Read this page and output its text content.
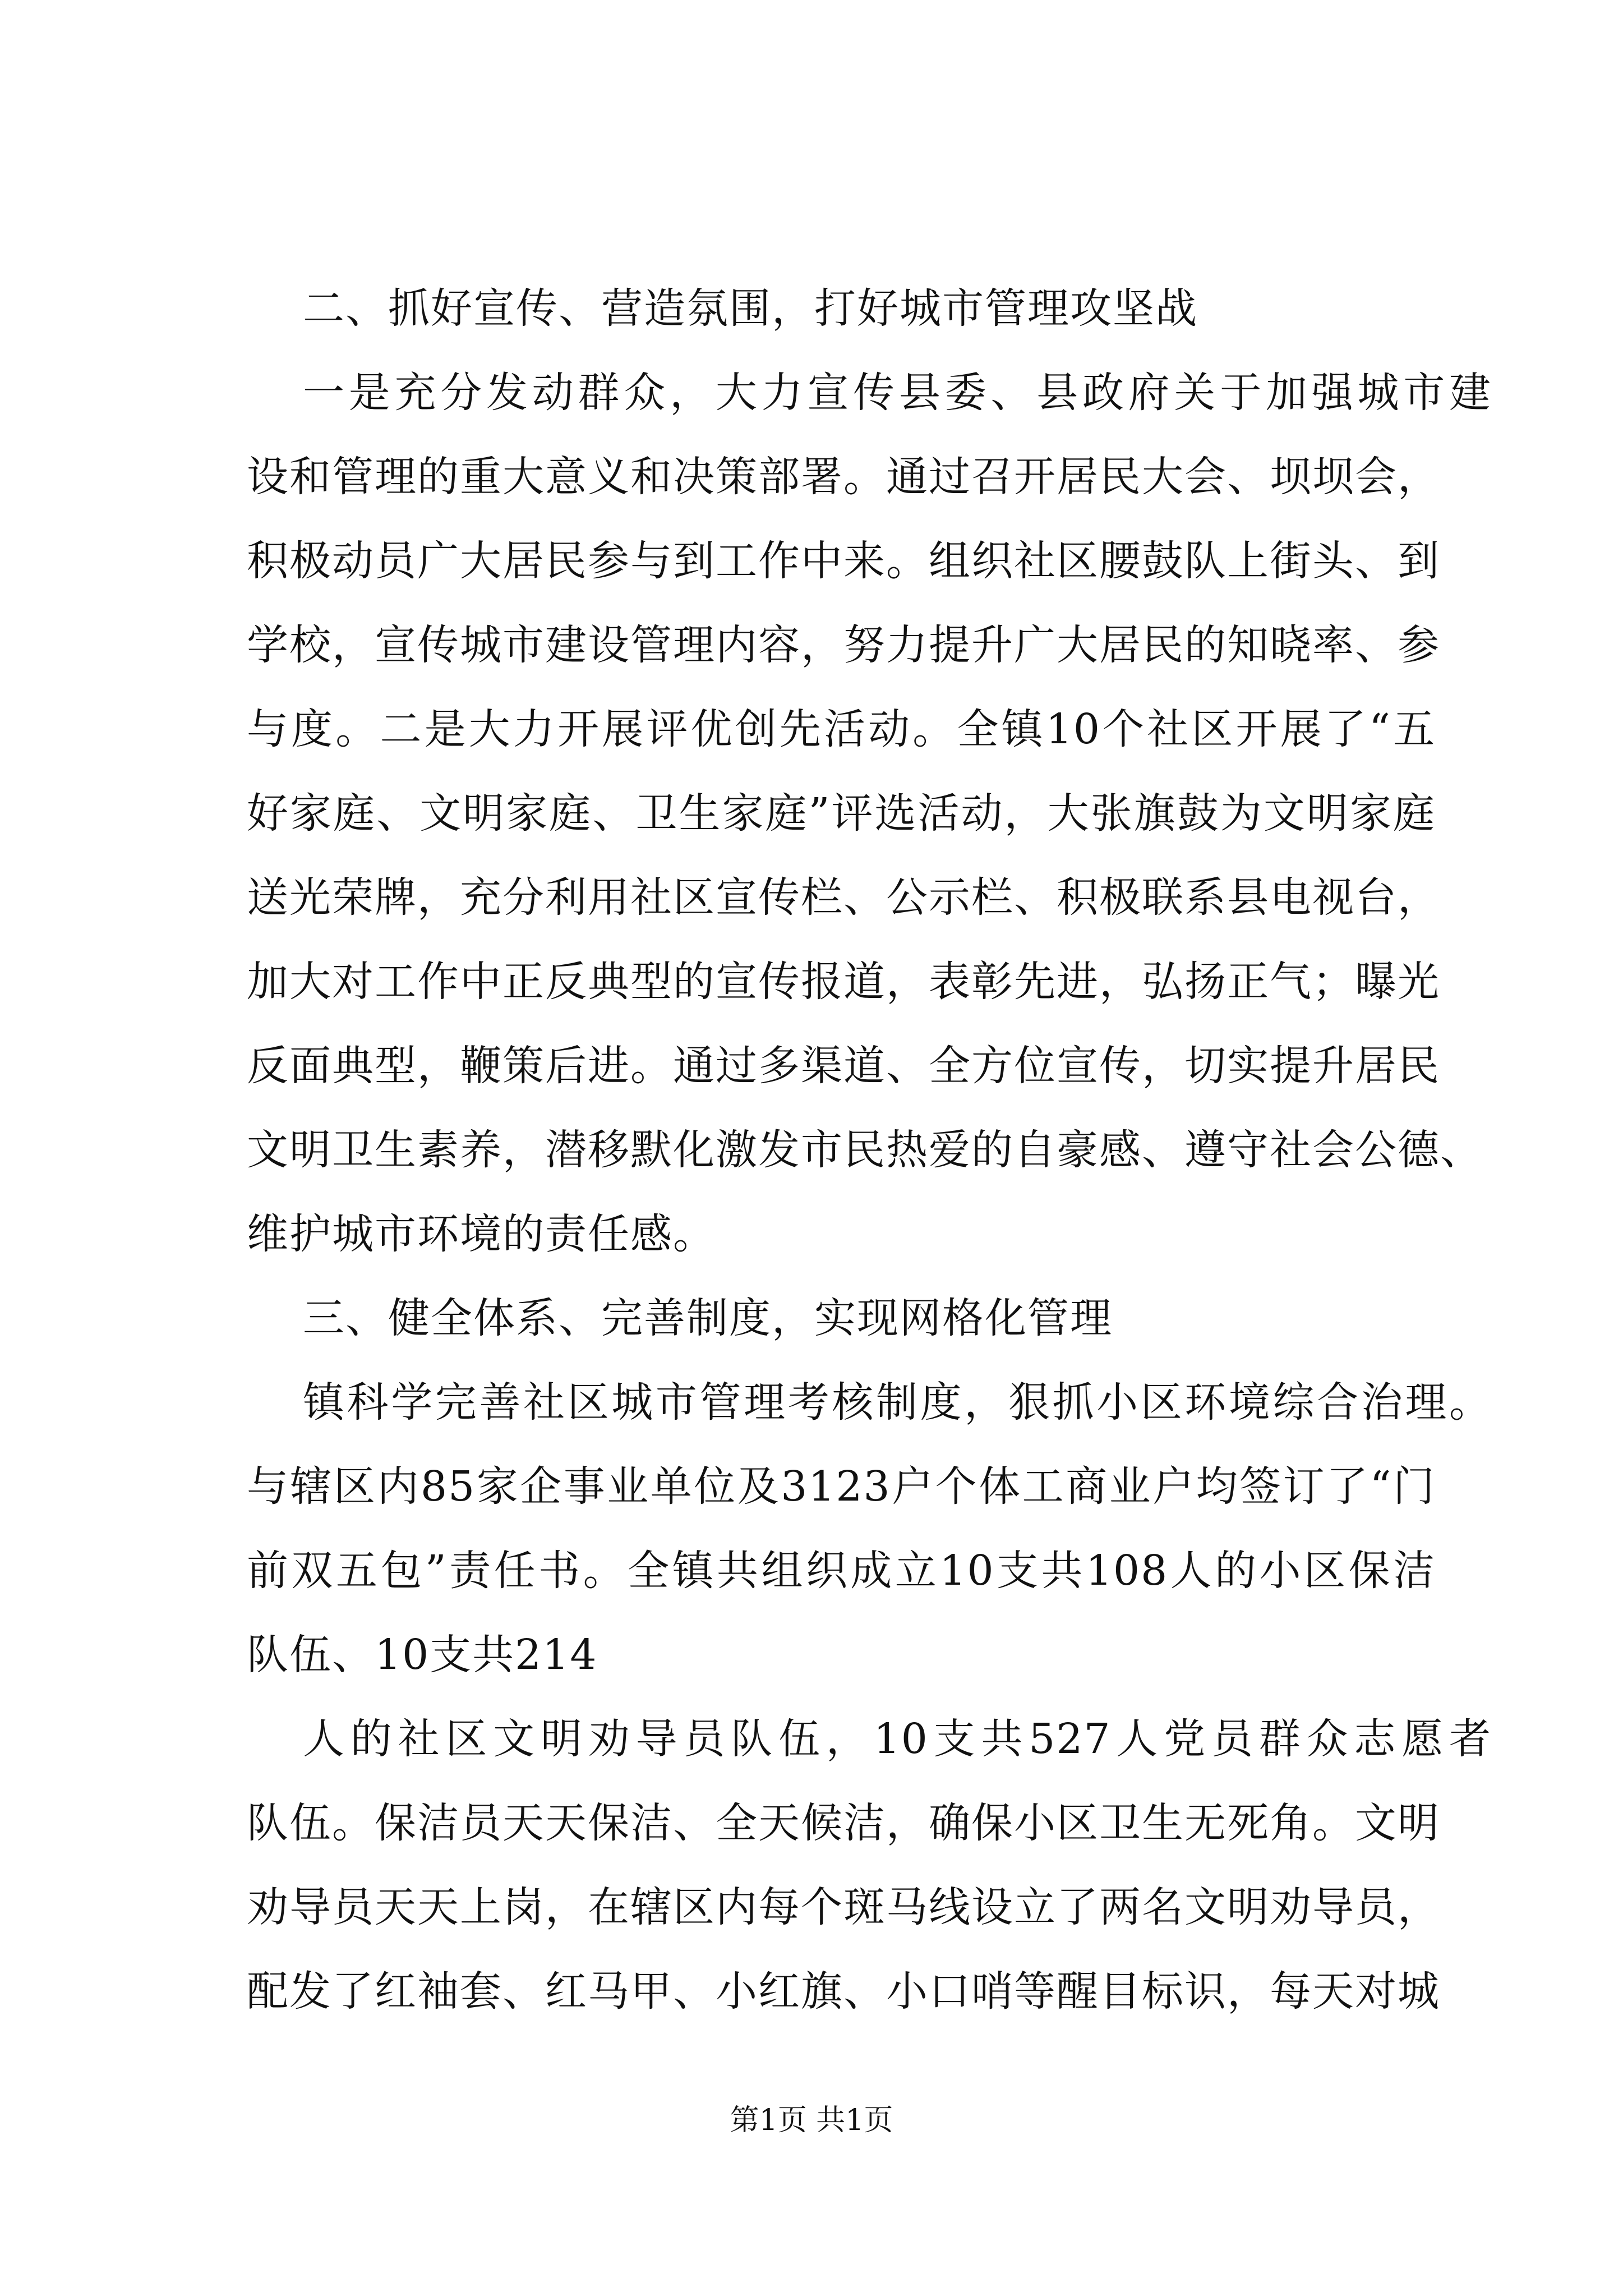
二、抓好宣传、营造氛围，打好城市管理攻坚战
一是充分发动群众，大力宣传县委、县政府关于加强城市建
设和管理的重大意义和决策部署。通过召开居民大会、坝坝会，
积极动员广大居民参与到工作中来。组织社区腰鼓队上街头、到
学校，宣传城市建设管理内容，努力提升广大居民的知晓率、参
与度。二是大力开展评优创先活动。全镇10个社区开展了“五
好家庭、文明家庭、卫生家庭”评选活动，大张旗鼓为文明家庭
送光荣牌，充分利用社区宣传栏、公示栏、积极联系县电视台，
加大对工作中正反典型的宣传报道，表彰先进，弘扬正气；曝光
反面典型，鞭策后进。通过多渠道、全方位宣传，切实提升居民
文明卫生素养，潜移默化激发市民热爱的自豪感、遵守社会公德、
维护城市环境的责任感。
三、健全体系、完善制度，实现网格化管理
镇科学完善社区城市管理考核制度，狠抓小区环境综合治理。
与辖区内85家企事业单位及3123户个体工商业户均签订了“门
前双五包”责任书。全镇共组织成立10支共108人的小区保洁
队伍、10支共214
人的社区文明劝导员队伍，10支共527人党员群众志愿者
队伍。保洁员天天保洁、全天候洁，确保小区卫生无死角。文明
劝导员天天上岗，在辖区内每个斑马线设立了两名文明劝导员，
配发了红袖套、红马甲、小红旗、小口哨等醒目标识，每天对城
第1页 共1页
